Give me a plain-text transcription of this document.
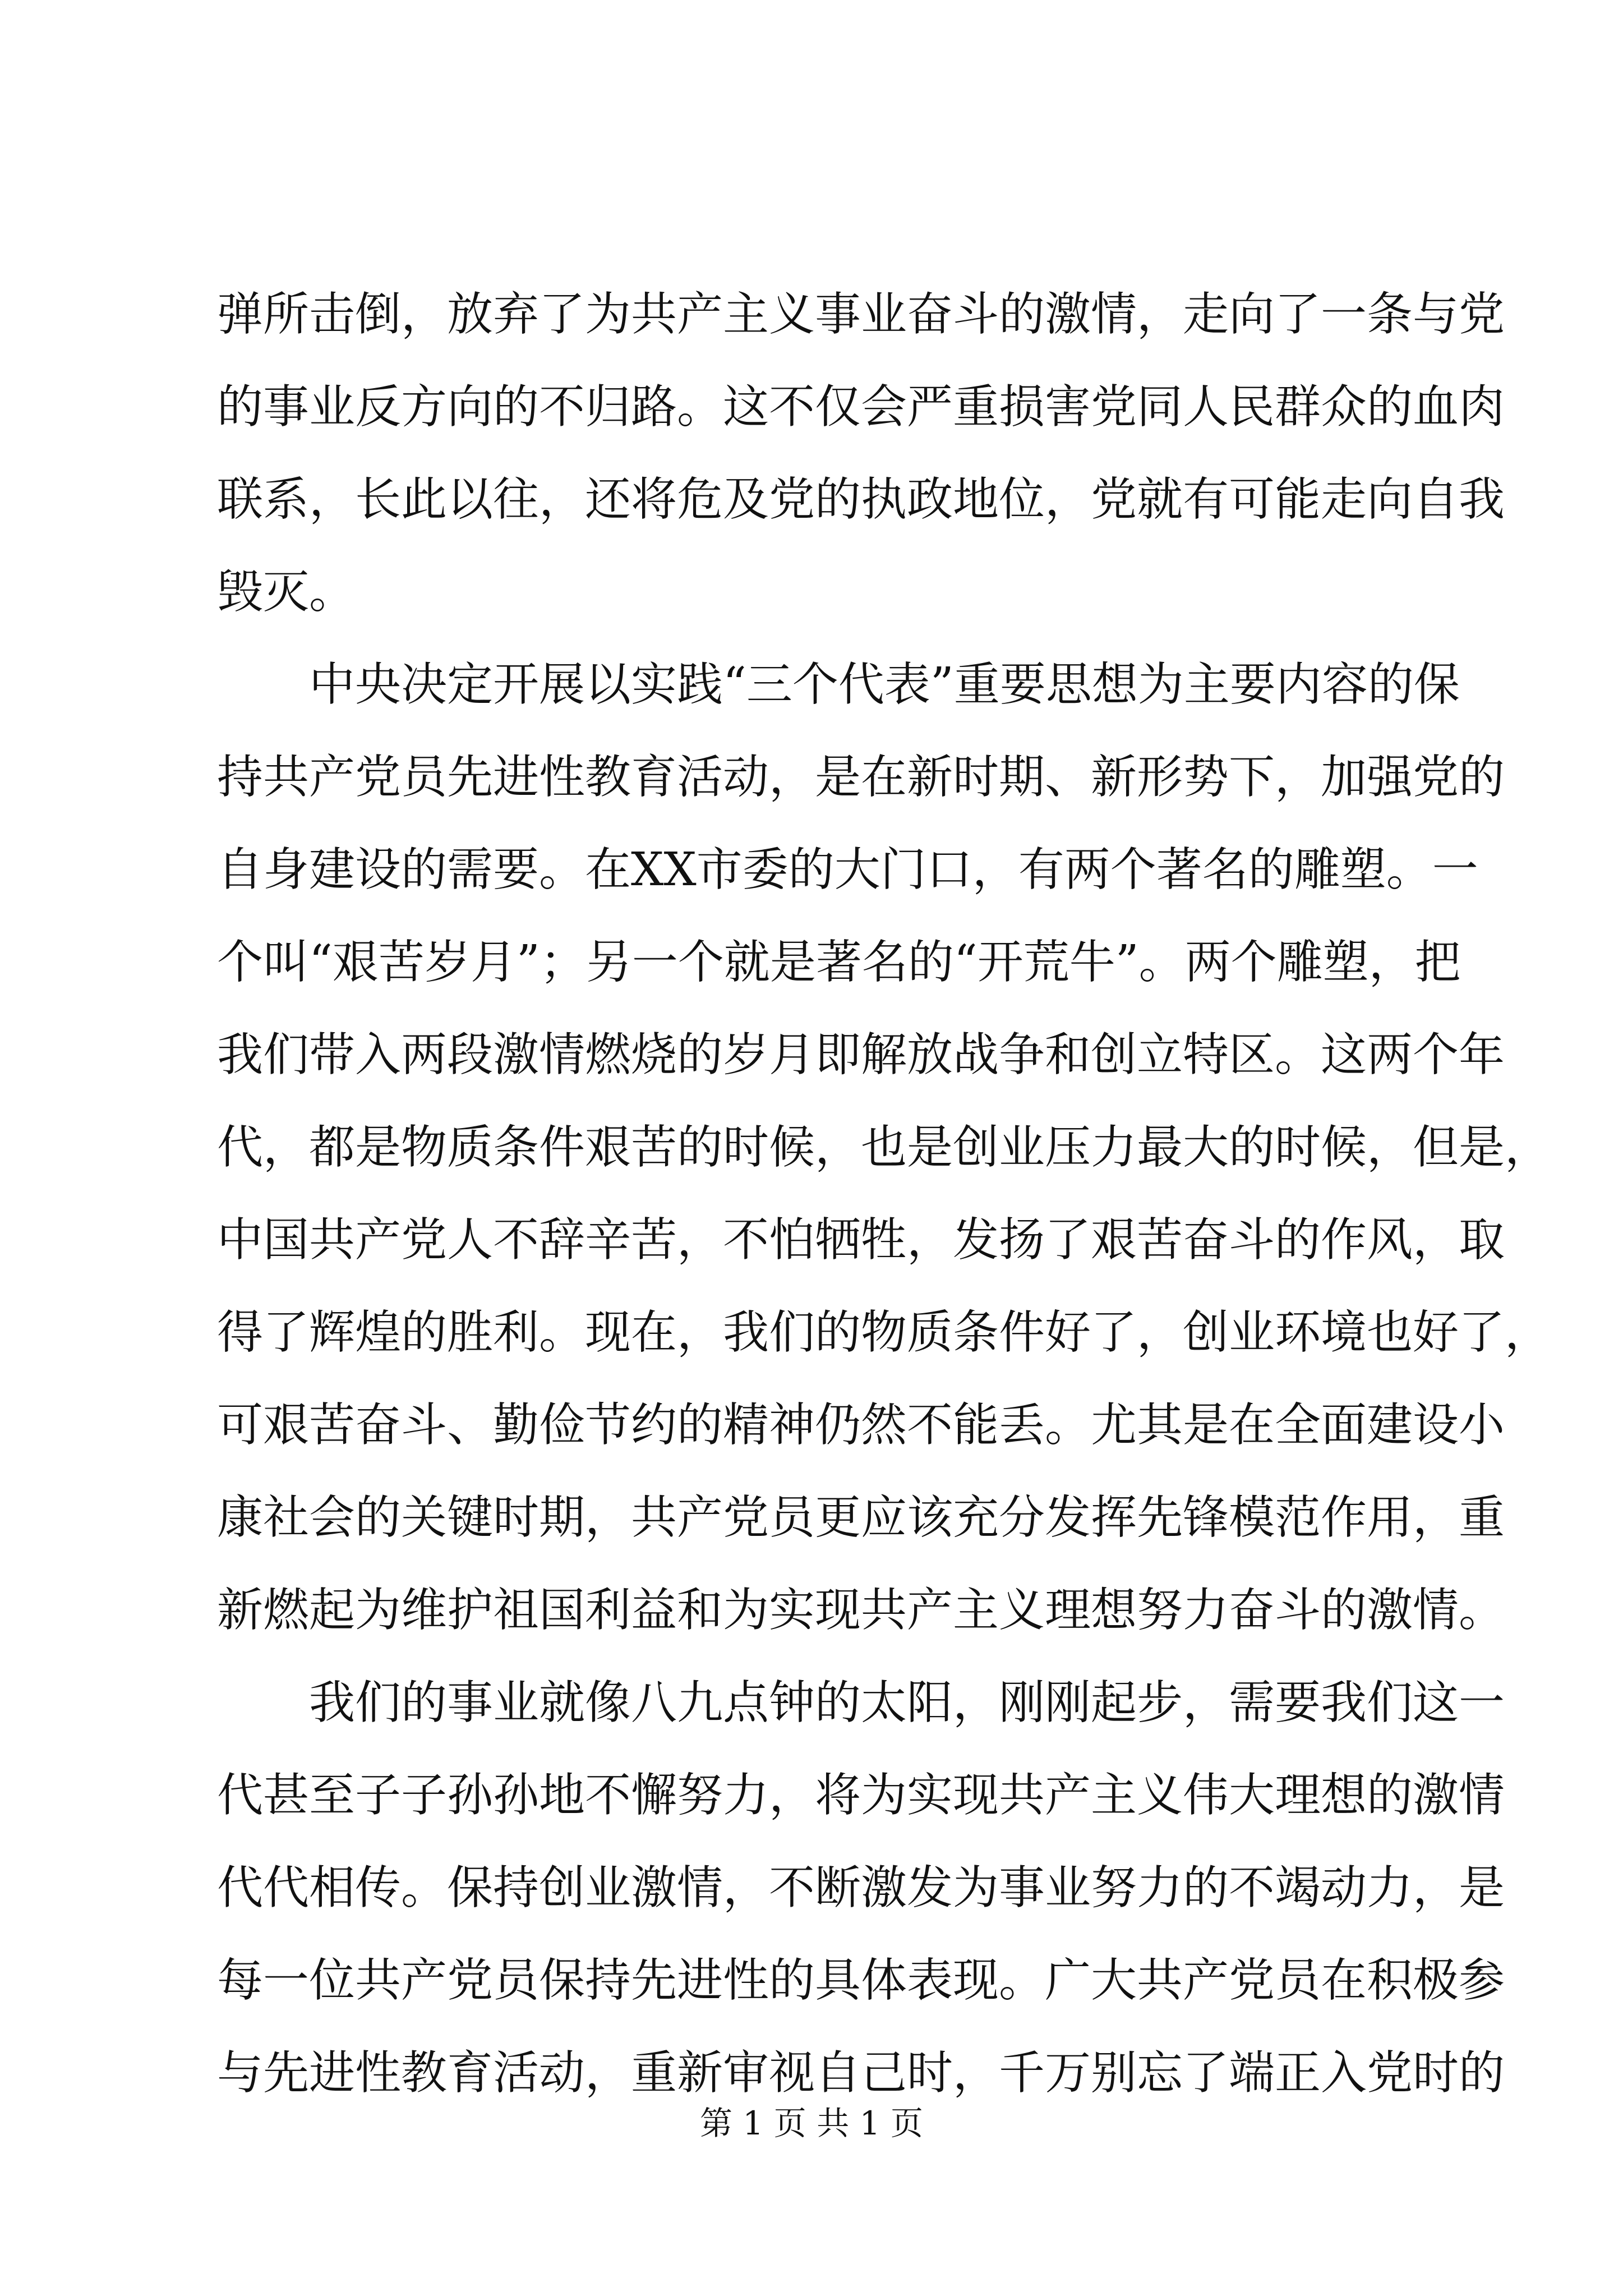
弹所击倒，放弃了为共产主义事业奋斗的激情，走向了一条与党
的事业反方向的不归路。这不仅会严重损害党同人民群众的血肉
联系，长此以往，还将危及党的执政地位，党就有可能走向自我
毁灭。
中央决定开展以实践“三个代表”重要思想为主要内容的保
持共产党员先进性教育活动，是在新时期、新形势下，加强党的
自身建设的需要。在XX市委的大门口，有两个著名的雕塑。一
个叫“艰苦岁月”；另一个就是著名的“开荒牛”。两个雕塑，把
我们带入两段激情燃烧的岁月即解放战争和创立特区。这两个年
代，都是物质条件艰苦的时候，也是创业压力最大的时候，但是，
中国共产党人不辞辛苦，不怕牺牲，发扬了艰苦奋斗的作风，取
得了辉煌的胜利。现在，我们的物质条件好了，创业环境也好了，
可艰苦奋斗、勤俭节约的精神仍然不能丢。尤其是在全面建设小
康社会的关键时期，共产党员更应该充分发挥先锋模范作用，重
新燃起为维护祖国利益和为实现共产主义理想努力奋斗的激情。
我们的事业就像八九点钟的太阳，刚刚起步，需要我们这一
代甚至子子孙孙地不懈努力，将为实现共产主义伟大理想的激情
代代相传。保持创业激情，不断激发为事业努力的不竭动力，是
每一位共产党员保持先进性的具体表现。广大共产党员在积极参
与先进性教育活动，重新审视自己时，千万别忘了端正入党时的
第 1 页 共 1 页
